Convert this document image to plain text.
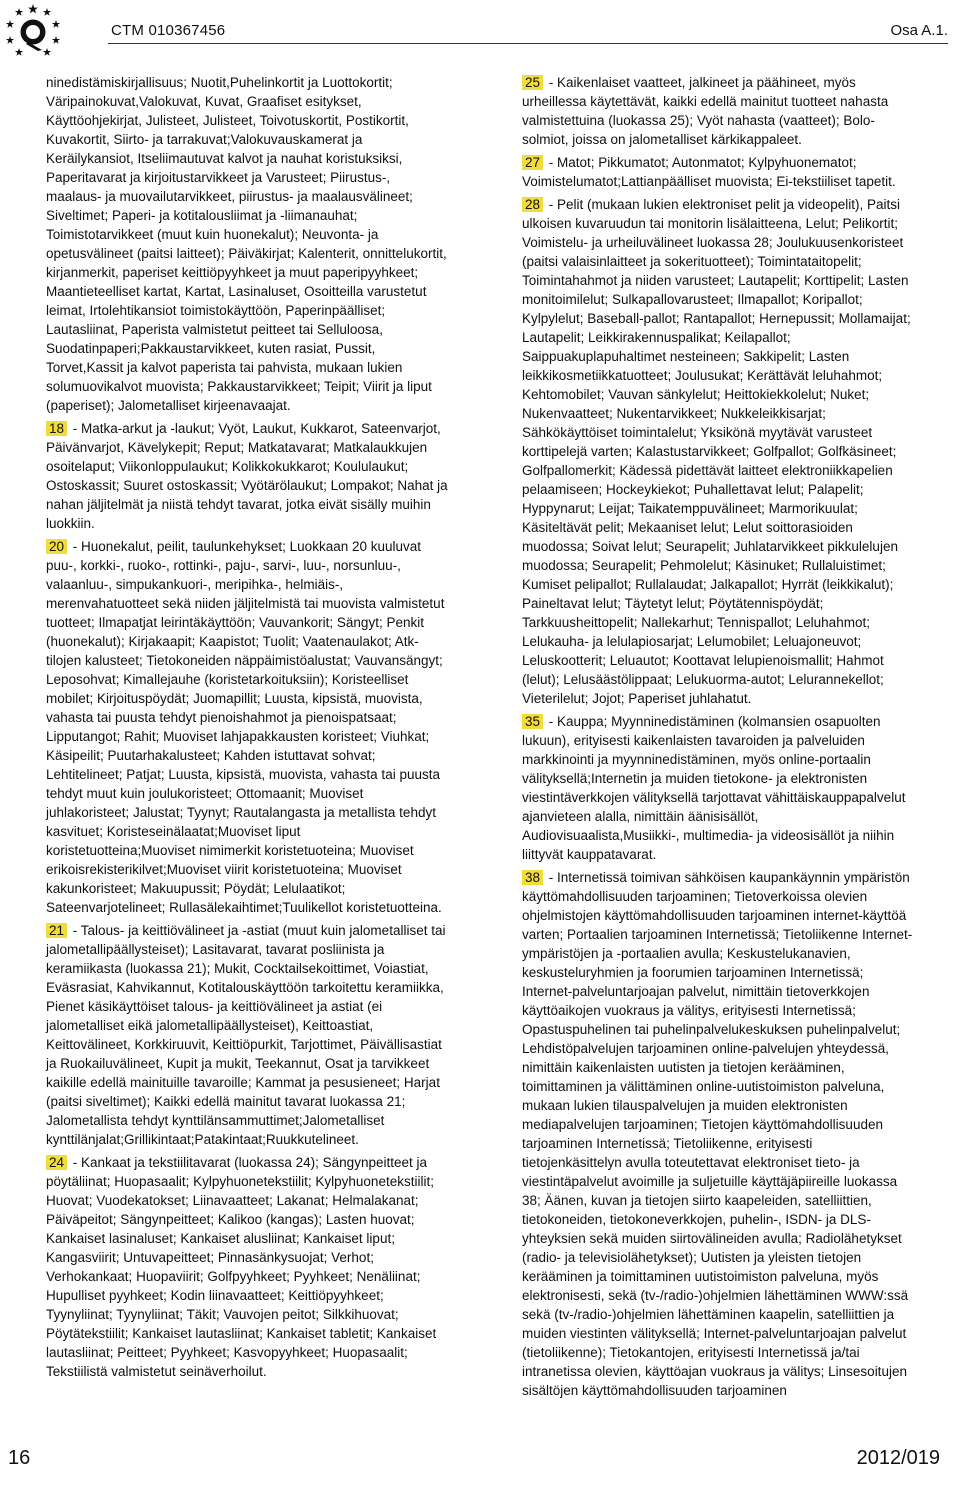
CTM 010367456	Osa A.1.

ninedistämiskirjallisuus; Nuotit,Puhelinkortit ja Luottokortit; Väripainokuvat,Valokuvat, Kuvat, Graafiset esitykset, Käyttöohjekirjat, Julisteet, Julisteet, Toivotuskortit, Postikortit, Kuvakortit, Siirto- ja tarrakuvat;Valokuvauskamerat ja Keräilykansiot, Itseliimautuvat kalvot ja nauhat koristuksiksi, Paperitavarat ja kirjoitustarvikkeet ja Varusteet; Piirustus-, maalaus- ja muovailutarvikkeet, piirustus- ja maalausvälineet; Siveltimet; Paperi- ja kotitalousliimat ja -liimanauhat; Toimistotarvikkeet (muut kuin huonekalut); Neuvonta- ja opetusvälineet (paitsi laitteet); Päiväkirjat; Kalenterit, onnittelukortit, kirjanmerkit, paperiset keittiöpyyhkeet ja muut paperipyyhkeet; Maantieteelliset kartat, Kartat, Lasinaluset, Osoitteilla varustetut leimat, Irtolehtikansiot toimistokäyttöön, Paperinpäälliset; Lautasliinat, Paperista valmistetut peitteet tai Selluloosa, Suodatinpaperi;Pakkaustarvikkeet, kuten rasiat, Pussit, Torvet,Kassit ja kalvot paperista tai pahvista, mukaan lukien solumuovikalvot muovista; Pakkaustarvikkeet; Teipit; Viirit ja liput (paperiset); Jalometalliset kirjeenavaajat.

18 - Matka-arkut ja -laukut; Vyöt, Laukut, Kukkarot, Sateenvarjot, Päivänvarjot, Kävelykepit; Reput; Matkatavarat; Matkalaukkujen osoitelaput; Viikonloppulaukut; Kolikkokukkarot; Koululaukut; Ostoskassit; Suuret ostoskassit; Vyötärölaukut; Lompakot; Nahat ja nahan jäljitelmät ja niistä tehdyt tavarat, jotka eivät sisälly muihin luokkiin.

20 - Huonekalut, peilit, taulunkehykset; Luokkaan 20 kuuluvat puu-, korkki-, ruoko-, rottinki-, paju-, sarvi-, luu-, norsunluu-, valaanluu-, simpukankuori-, meripihka-, helmiäis-, merenvahatuotteet sekä niiden jäljitelmistä tai muovista valmistetut tuotteet; Ilmapatjat leirintäkäyttöön; Vauvankorit; Sängyt; Penkit (huonekalut); Kirjakaapit; Kaapistot; Tuolit; Vaatenaulakot; Atk-tilojen kalusteet; Tietokoneiden näppäimistöalustat; Vauvansängyt; Leposohvat; Kimallejauhe (koristetarkoituksiin); Koristeelliset mobilet; Kirjoituspöydät; Juomapillit; Luusta, kipsistä, muovista, vahasta tai puusta tehdyt pienoishahmot ja pienoispatsaat; Lipputangot; Rahit; Muoviset lahjapakkausten koristeet; Viuhkat; Käsipeilit; Puutarhakalusteet; Kahden istuttavat sohvat; Lehtitelineet; Patjat; Luusta, kipsistä, muovista, vahasta tai puusta tehdyt muut kuin joulukoristeet; Ottomaanit; Muoviset juhlakoristeet; Jalustat; Tyynyt; Rautalangasta ja metallista tehdyt kasvituet; Koristeseinälaatat;Muoviset liput koristetuotteina;Muoviset nimimerkit koristetuoteina; Muoviset erikoisrekisterikilvet;Muoviset viirit koristetuoteina; Muoviset kakunkoristeet; Makuupussit; Pöydät; Lelulaatikot; Sateenvarjotelineet; Rullasälekaihtimet;Tuulikellot koristetuotteina.

21 - Talous- ja keittiövälineet ja -astiat (muut kuin jalometalliset tai jalometallipäällysteiset); Lasitavarat, tavarat posliinista ja keramiikasta (luokassa 21); Mukit, Cocktailsekoittimet, Voiastiat, Eväsrasiat, Kahvikannut, Kotitalouskäyttöön tarkoitettu keramiikka, Pienet käsikäyttöiset talous- ja keittiövälineet ja astiat (ei jalometalliset eikä jalometallipäällysteiset), Keittoastiat, Keittovälineet, Korkkiruuvit, Keittiöpurkit, Tarjottimet, Päivällisastiat ja Ruokailuvälineet, Kupit ja mukit, Teekannut, Osat ja tarvikkeet kaikille edellä mainituille tavaroille; Kammat ja pesusieneet; Harjat (paitsi siveltimet); Kaikki edellä mainitut tavarat luokassa 21; Jalometallista tehdyt kynttilänsammuttimet;Jalometalliset kynttilänjalat;Grillikintaat;Patakintaat;Ruukkutelineet.

24 - Kankaat ja tekstiilitavarat (luokassa 24); Sängynpeitteet ja pöytäliinat; Huopasaalit; Kylpyhuonetekstiilit; Kylpyhuonetekstiilit; Huovat; Vuodekatokset; Liinavaatteet; Lakanat; Helmalakanat; Päiväpeitot; Sängynpeitteet; Kalikoo (kangas); Lasten huovat; Kankaiset lasinaluset; Kankaiset alusliinat; Kankaiset liput; Kangasviirit; Untuvapeitteet; Pinnasänkysuojat; Verhot; Verhokankaat; Huopaviirit; Golfpyyhkeet; Pyyhkeet; Nenäliinat; Hupulliset pyyhkeet; Kodin liinavaatteet; Keittiöpyyhkeet; Tyynyliinat; Tyynyliinat; Täkit; Vauvojen peitot; Silkkihuovat; Pöytätekstiilit; Kankaiset lautasliinat; Kankaiset tabletit; Kankaiset lautasliinat; Peitteet; Pyyhkeet; Kasvopyyhkeet; Huopasaalit; Tekstiilistä valmistetut seinäverhoilut.

25 - Kaikenlaiset vaatteet, jalkineet ja päähineet, myös urheillessa käytettävät, kaikki edellä mainitut tuotteet nahasta valmistettuina (luokassa 25); Vyöt nahasta (vaatteet); Bolo-solmiot, joissa on jalometalliset kärkikappaleet.

27 - Matot; Pikkumatot; Autonmatot; Kylpyhuonematot; Voimistelumatot;Lattianpäälliset muovista; Ei-tekstiiliset tapetit.

28 - Pelit (mukaan lukien elektroniset pelit ja videopelit), Paitsi ulkoisen kuvaruudun tai monitorin lisälaitteena, Lelut; Pelikortit; Voimistelu- ja urheiluvälineet luokassa 28; Joulukuusenkoristeet (paitsi valaisinlaitteet ja sokerituotteet); Toimintataitopelit; Toimintahahmot ja niiden varusteet; Lautapelit; Korttipelit; Lasten monitoimilelut; Sulkapallovarusteet; Ilmapallot; Koripallot; Kylpylelut; Baseball-pallot; Rantapallot; Hernepussit; Mollamaijat; Lautapelit; Leikkirakennuspalikat; Keilapallot; Saippuakuplapuhaltimet nesteineen; Sakkipelit; Lasten leikkikosmetiikkatuotteet; Joulusukat; Kerättävät leluhahmot; Kehtomobilet; Vauvan sänkylelut; Heittokiekkolelut; Nuket; Nukenvaatteet; Nukentarvikkeet; Nukkeleikkisarjat; Sähkökäyttöiset toimintalelut; Yksikönä myytävät varusteet korttipelejä varten; Kalastustarvikkeet; Golfpallot; Golfkäsineet; Golfpallomerkit; Kädessä pidettävät laitteet elektroniikkapelien pelaamiseen; Hockeykiekot; Puhallettavat lelut; Palapelit; Hyppynarut; Leijat; Taikatemppuvälineet; Marmorikuulat; Käsiteltävät pelit; Mekaaniset lelut; Lelut soittorasioiden muodossa; Soivat lelut; Seurapelit; Juhlatarvikkeet pikkulelujen muodossa; Seurapelit; Pehmolelut; Käsinuket; Rullaluistimet; Kumiset pelipallot; Rullalaudat; Jalkapallot; Hyrrät (leikkikalut); Paineltavat lelut; Täytetyt lelut; Pöytätennispöydät; Tarkkuusheittopelit; Nallekarhut; Tennispallot; Leluhahmot; Lelukauha- ja lelulapiosarjat; Lelumobilet; Leluajoneuvot; Leluskootterit; Leluautot; Koottavat lelupienoismallit; Hahmot (lelut); Lelusäästölippaat; Lelukuorma-autot; Lelurannekellot; Vieterilelut; Jojot; Paperiset juhlahatut.

35 - Kauppa; Myynninedistäminen (kolmansien osapuolten lukuun), erityisesti kaikenlaisten tavaroiden ja palveluiden markkinointi ja myynninedistäminen, myös online-portaalin välityksellä;Internetin ja muiden tietokone- ja elektronisten viestintäverkkojen välityksellä tarjottavat vähittäiskauppapalvelut ajanvieteen alalla, nimittäin äänisisällöt, Audiovisuaalista,Musiikki-, multimedia- ja videosisällöt ja niihin liittyvät kauppatavarat.

38 - Internetissä toimivan sähköisen kaupankäynnin ympäristön käyttömahdollisuuden tarjoaminen; Tietoverkoissa olevien ohjelmistojen käyttömahdollisuuden tarjoaminen internet-käyttöä varten; Portaalien tarjoaminen Internetissä; Tietoliikenne Internet-ympäristöjen ja -portaalien avulla; Keskustelukanavien, keskusteluryhmien ja foorumien tarjoaminen Internetissä; Internet-palveluntarjoajan palvelut, nimittäin tietoverkkojen käyttöaikojen vuokraus ja välitys, erityisesti Internetissä; Opastuspuhelinen tai puhelinpalvelukeskuksen puhelinpalvelut; Lehdistöpalvelujen tarjoaminen online-palvelujen yhteydessä, nimittäin kaikenlaisten uutisten ja tietojen kerääminen, toimittaminen ja välittäminen online-uutistoimiston palveluna, mukaan lukien tilauspalvelujen ja muiden elektronisten mediapalvelujen tarjoaminen; Tietojen käyttömahdollisuuden tarjoaminen Internetissä; Tietoliikenne, erityisesti tietojenkäsittelyn avulla toteutettavat elektroniset tieto- ja viestintäpalvelut avoimille ja suljetuille käyttäjäpiireille luokassa 38; Äänen, kuvan ja tietojen siirto kaapeleiden, satelliittien, tietokoneiden, tietokoneverkkojen, puhelin-, ISDN- ja DLS-yhteyksien sekä muiden siirtovälineiden avulla; Radiolähetykset (radio- ja televisiolähetykset); Uutisten ja yleisten tietojen kerääminen ja toimittaminen uutistoimiston palveluna, myös elektronisesti, sekä (tv-/radio-)ohjelmien lähettäminen WWW:ssä sekä (tv-/radio-)ohjelmien lähettäminen kaapelin, satelliittien ja muiden viestinten välityksellä; Internet-palveluntarjoajan palvelut (tietoliikenne); Tietokantojen, erityisesti Internetissä ja/tai intranetissa olevien, käyttöajan vuokraus ja välitys; Linsesoitujen sisältöjen käyttömahdollisuuden tarjoaminen

16	2012/019
